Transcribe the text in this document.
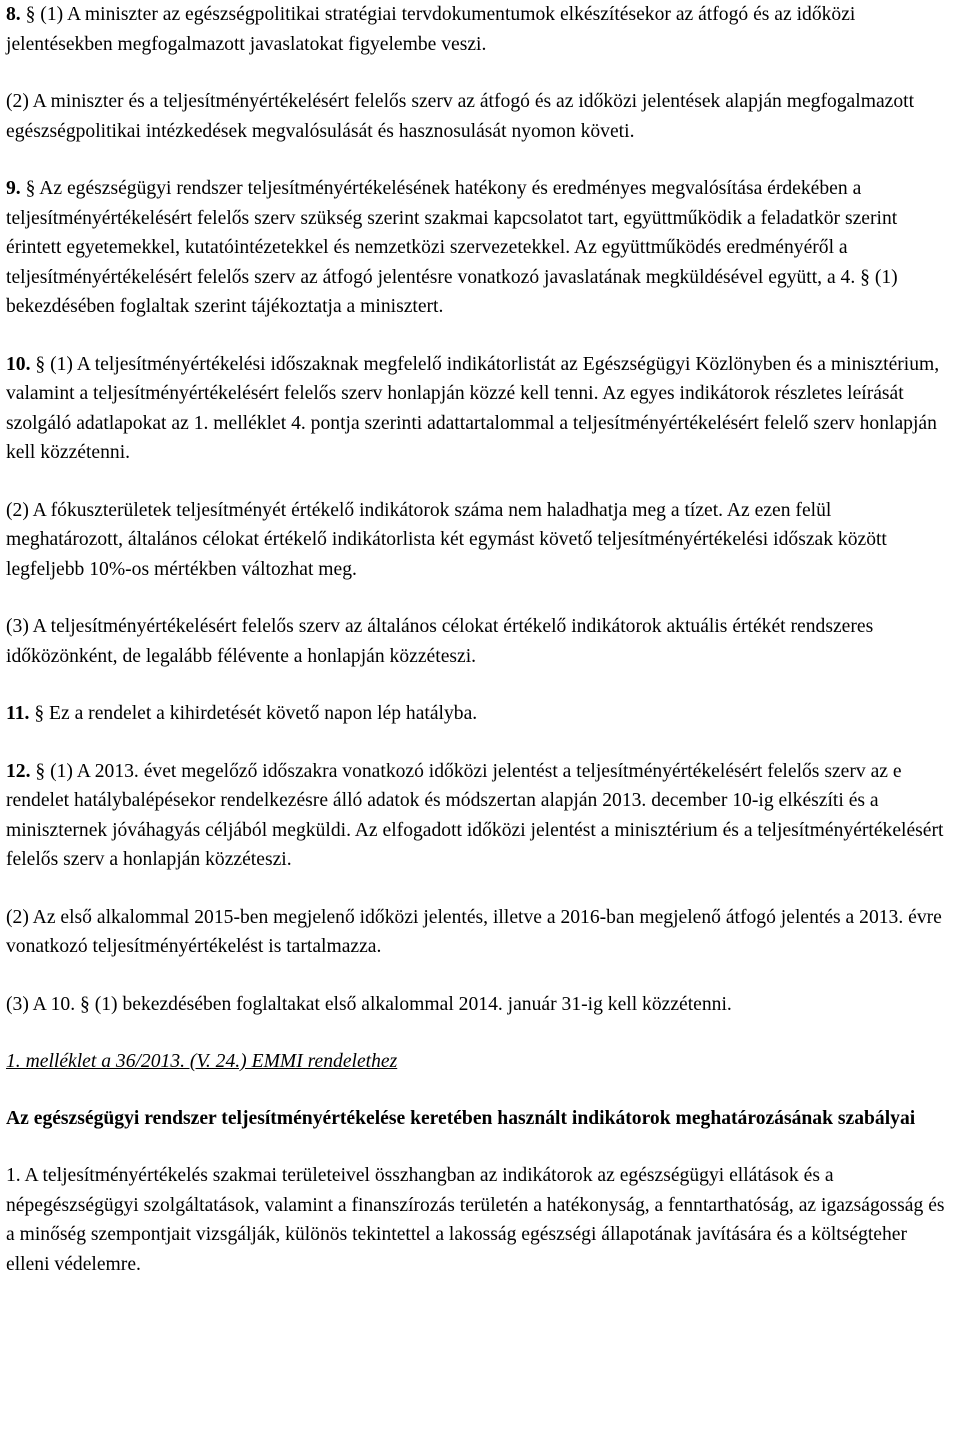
8. § (1) A miniszter az egészségpolitikai stratégiai tervdokumentumok elkészítésekor az átfogó és az időközi jelentésekben megfogalmazott javaslatokat figyelembe veszi.

(2) A miniszter és a teljesítményértékelésért felelős szerv az átfogó és az időközi jelentések alapján megfogalmazott egészségpolitikai intézkedések megvalósulását és hasznosulását nyomon követi.

9. § Az egészségügyi rendszer teljesítményértékelésének hatékony és eredményes megvalósítása érdekében a teljesítményértékelésért felelős szerv szükség szerint szakmai kapcsolatot tart, együttműködik a feladatkör szerint érintett egyetemekkel, kutatóintézetekkel és nemzetközi szervezetekkel. Az együttműködés eredményéről a teljesítményértékelésért felelős szerv az átfogó jelentésre vonatkozó javaslatának megküldésével együtt, a 4. § (1) bekezdésében foglaltak szerint tájékoztatja a minisztert.

10. § (1) A teljesítményértékelési időszaknak megfelelő indikátorlistát az Egészségügyi Közlönyben és a minisztérium, valamint a teljesítményértékelésért felelős szerv honlapján közzé kell tenni. Az egyes indikátorok részletes leírását szolgáló adatlapokat az 1. melléklet 4. pontja szerinti adattartalommal a teljesítményértékelésért felelő szerv honlapján kell közzétenni.

(2) A fókuszterületek teljesítményét értékelő indikátorok száma nem haladhatja meg a tízet. Az ezen felül meghatározott, általános célokat értékelő indikátorlista két egymást követő teljesítményértékelési időszak között legfeljebb 10%-os mértékben változhat meg.

(3) A teljesítményértékelésért felelős szerv az általános célokat értékelő indikátorok aktuális értékét rendszeres időközönként, de legalább félévente a honlapján közzéteszi.

11. § Ez a rendelet a kihirdetését követő napon lép hatályba.

12. § (1) A 2013. évet megelőző időszakra vonatkozó időközi jelentést a teljesítményértékelésért felelős szerv az e rendelet hatálybalépésekor rendelkezésre álló adatok és módszertan alapján 2013. december 10-ig elkészíti és a miniszternek jóváhagyás céljából megküldi. Az elfogadott időközi jelentést a minisztérium és a teljesítményértékelésért felelős szerv a honlapján közzéteszi.

(2) Az első alkalommal 2015-ben megjelenő időközi jelentés, illetve a 2016-ban megjelenő átfogó jelentés a 2013. évre vonatkozó teljesítményértékelést is tartalmazza.

(3) A 10. § (1) bekezdésében foglaltakat első alkalommal 2014. január 31-ig kell közzétenni.

1. melléklet a 36/2013. (V. 24.) EMMI rendelethez

Az egészségügyi rendszer teljesítményértékelése keretében használt indikátorok meghatározásának szabályai

1. A teljesítményértékelés szakmai területeivel összhangban az indikátorok az egészségügyi ellátások és a népegészségügyi szolgáltatások, valamint a finanszírozás területén a hatékonyság, a fenntarthatóság, az igazságosság és a minőség szempontjait vizsgálják, különös tekintettel a lakosság egészségi állapotának javítására és a költségteher elleni védelemre.
